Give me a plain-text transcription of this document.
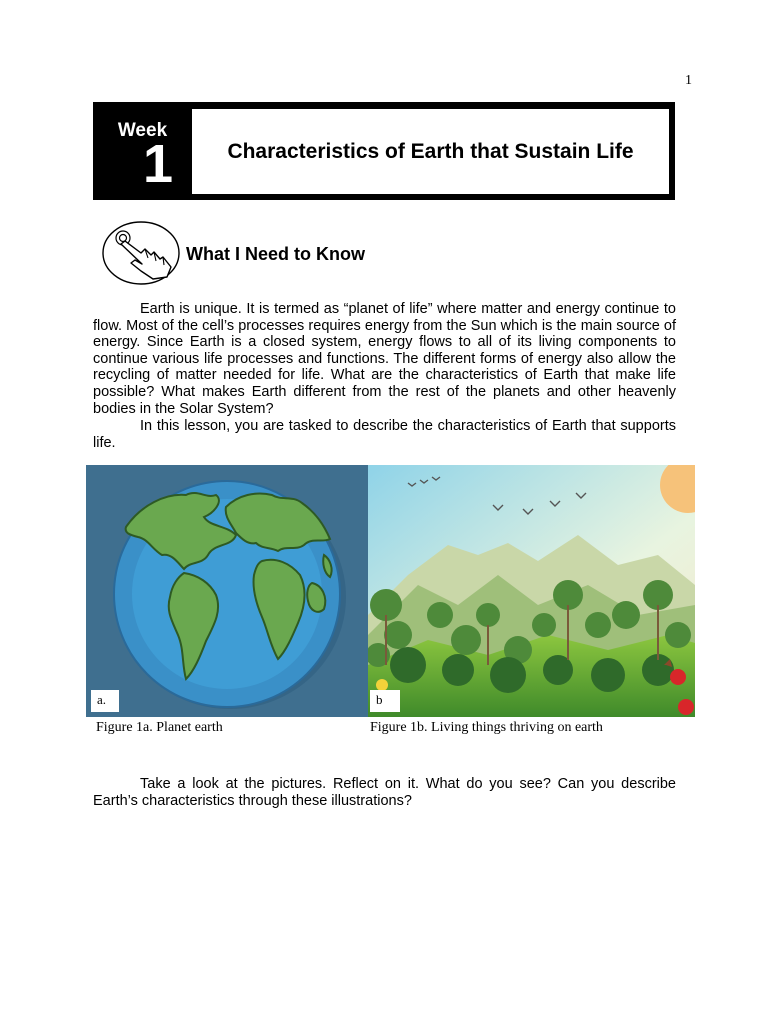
1
Week
1	Characteristics of Earth that Sustain Life
What I Need to Know

Earth is unique. It is termed as “planet of life” where matter and energy continue to flow. Most of the cell’s processes requires energy from the Sun which is the main source of energy. Since Earth is a closed system, energy flows to all of its living components to continue various life processes and functions. The different forms of energy also allow the recycling of matter needed for life. What are the characteristics of Earth that make life possible? What makes Earth different from the rest of the planets and other heavenly bodies in the Solar System?

In this lesson, you are tasked to describe the characteristics of Earth that supports life.

a.	b
Figure 1a. Planet earth	Figure 1b. Living things thriving on earth

Take a look at the pictures. Reflect on it. What do you see? Can you describe Earth’s characteristics through these illustrations?
